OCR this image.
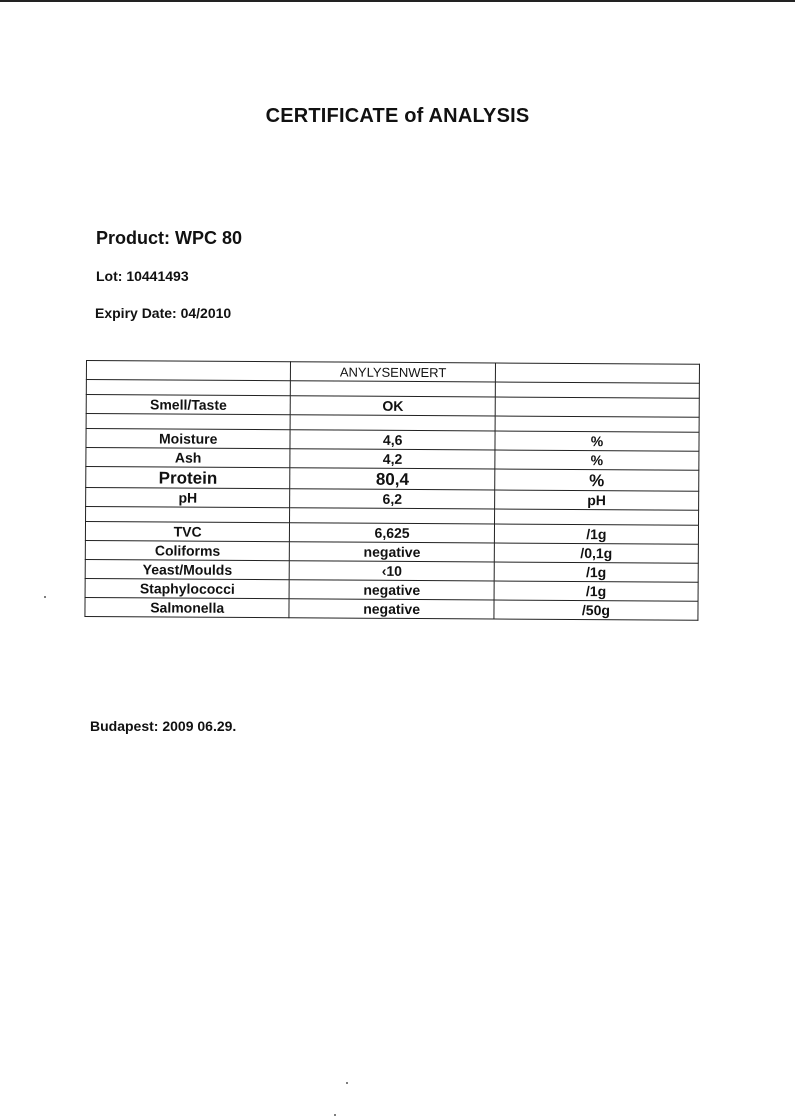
CERTIFICATE of ANALYSIS
Product: WPC 80
Lot: 10441493
Expiry Date: 04/2010
	ANYLYSENWERT	

Smell/Taste	OK	

Moisture	4,6	%
Ash	4,2	%
Protein	80,4	%
pH	6,2	pH

TVC	6,625	/1g
Coliforms	negative	/0,1g
Yeast/Moulds	‹10	/1g
Staphylococci	negative	/1g
Salmonella	negative	/50g
Budapest: 2009 06.29.
